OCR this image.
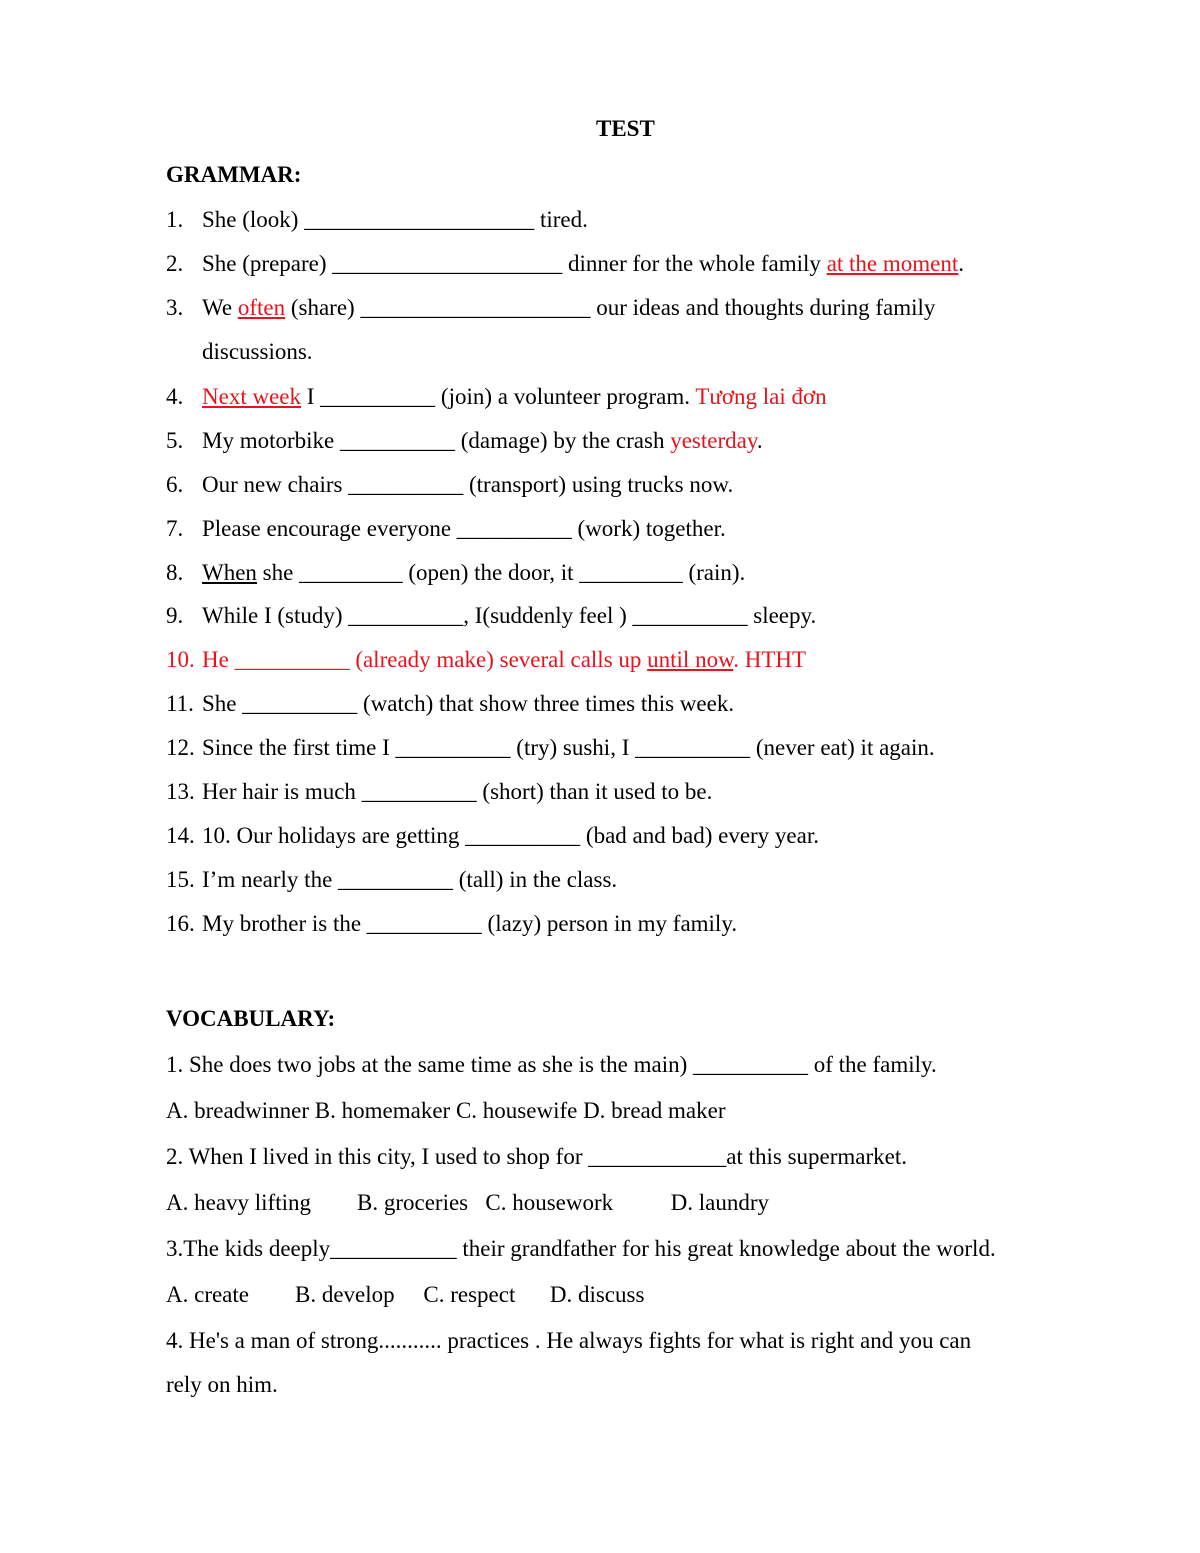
TEST
GRAMMAR:
1. She (look) ____________________ tired.
2. She (prepare) ____________________ dinner for the whole family at the moment.
3. We often (share) ____________________ our ideas and thoughts during family
discussions.
4. Next week I __________ (join) a volunteer program. Tương lai đơn
5. My motorbike __________ (damage) by the crash yesterday.
6. Our new chairs __________ (transport) using trucks now.
7. Please encourage everyone __________ (work) together.
8. When she _________ (open) the door, it _________ (rain).
9. While I (study) __________, I(suddenly feel ) __________ sleepy.
10. He __________ (already make) several calls up until now. HTHT
11. She __________ (watch) that show three times this week.
12. Since the first time I __________ (try) sushi, I __________ (never eat) it again.
13. Her hair is much __________ (short) than it used to be.
14. 10. Our holidays are getting __________ (bad and bad) every year.
15. I’m nearly the __________ (tall) in the class.
16. My brother is the __________ (lazy) person in my family.
VOCABULARY:
1. She does two jobs at the same time as she is the main) __________ of the family.
A. breadwinner B. homemaker C. housewife D. bread maker
2. When I lived in this city, I used to shop for ____________at this supermarket.
A. heavy lifting        B. groceries   C. housework          D. laundry
3.The kids deeply___________ their grandfather for his great knowledge about the world.
A. create        B. develop     C. respect      D. discuss
4. He's a man of strong........... practices . He always fights for what is right and you can
rely on him.
